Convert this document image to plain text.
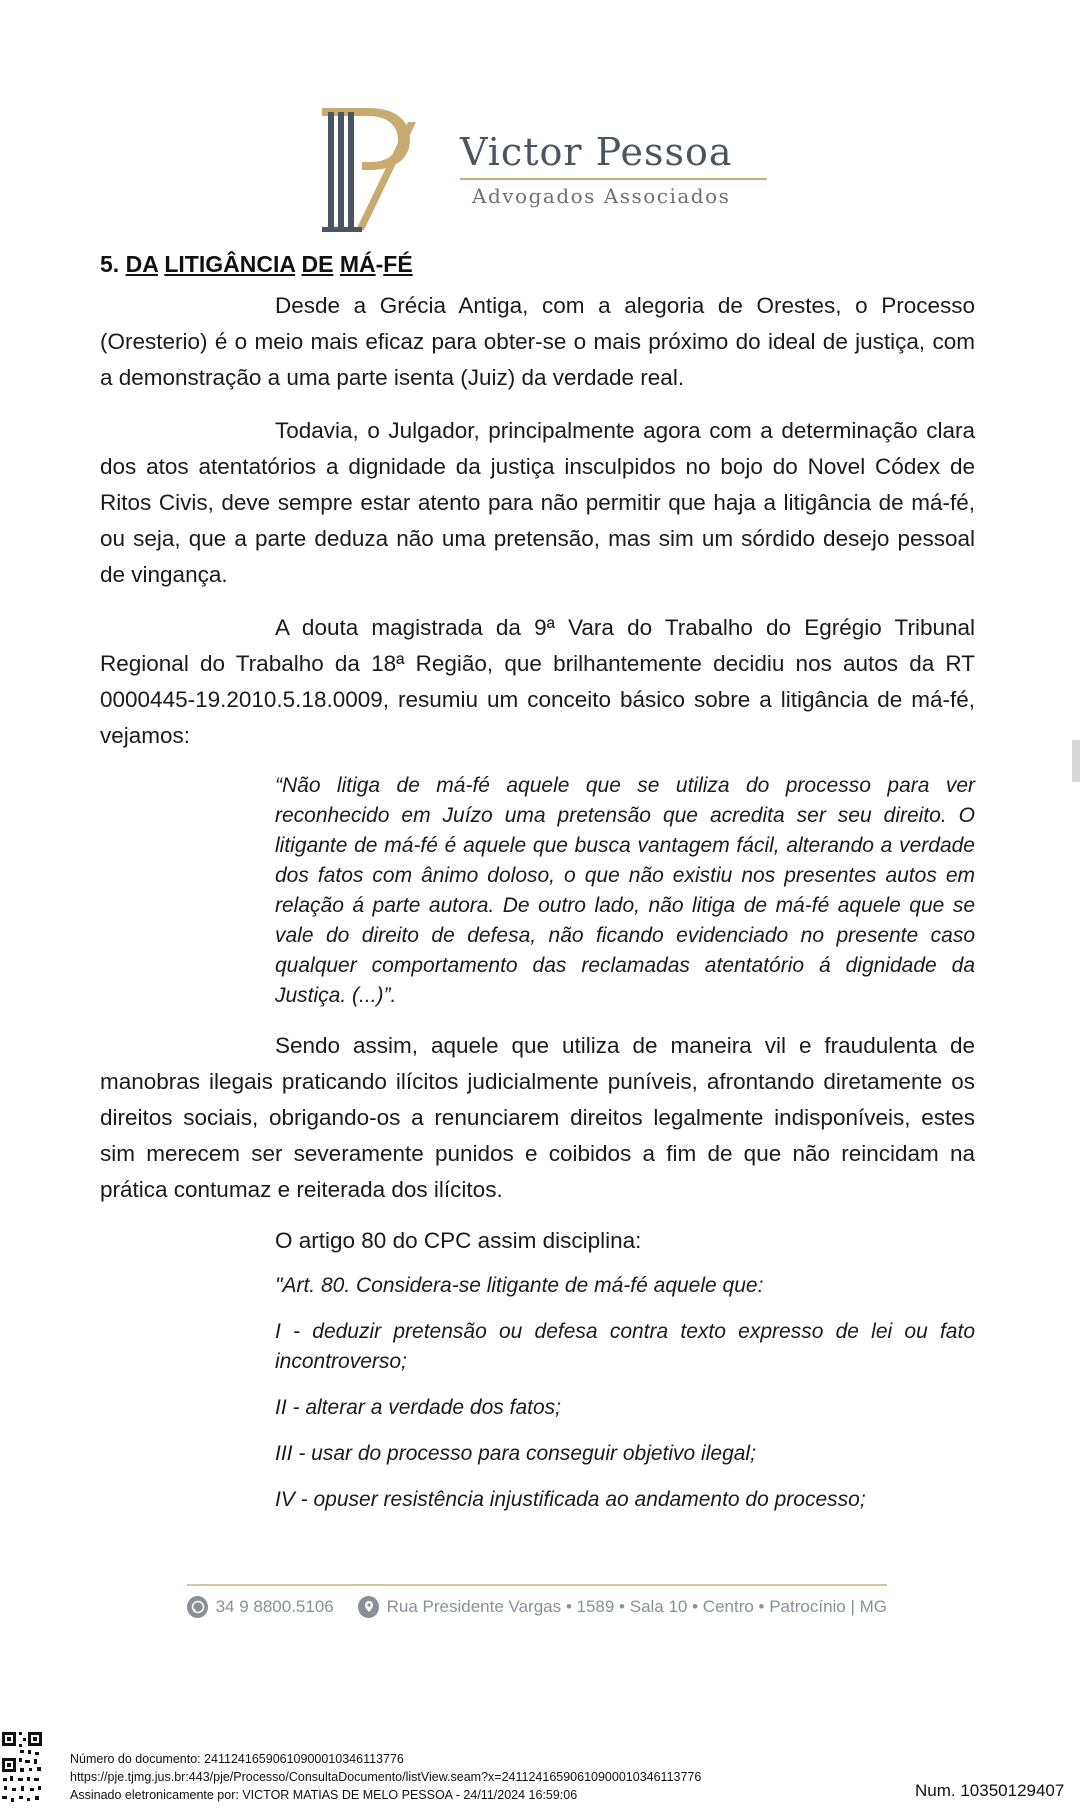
Victor Pessoa
Advogados Associados
5. DA LITIGÂNCIA DE MÁ-FÉ

Desde a Grécia Antiga, com a alegoria de Orestes, o Processo (Oresterio) é o meio mais eficaz para obter-se o mais próximo do ideal de justiça, com a demonstração a uma parte isenta (Juiz) da verdade real.

Todavia, o Julgador, principalmente agora com a determinação clara dos atos atentatórios a dignidade da justiça insculpidos no bojo do Novel Códex de Ritos Civis, deve sempre estar atento para não permitir que haja a litigância de má-fé, ou seja, que a parte deduza não uma pretensão, mas sim um sórdido desejo pessoal de vingança.

A douta magistrada da 9ª Vara do Trabalho do Egrégio Tribunal Regional do Trabalho da 18ª Região, que brilhantemente decidiu nos autos da RT 0000445-19.2010.5.18.0009, resumiu um conceito básico sobre a litigância de má-fé, vejamos:

“Não litiga de má-fé aquele que se utiliza do processo para ver reconhecido em Juízo uma pretensão que acredita ser seu direito. O litigante de má-fé é aquele que busca vantagem fácil, alterando a verdade dos fatos com ânimo doloso, o que não existiu nos presentes autos em relação á parte autora. De outro lado, não litiga de má-fé aquele que se vale do direito de defesa, não ficando evidenciado no presente caso qualquer comportamento das reclamadas atentatório á dignidade da Justiça. (...)”.

Sendo assim, aquele que utiliza de maneira vil e fraudulenta de manobras ilegais praticando ilícitos judicialmente puníveis, afrontando diretamente os direitos sociais, obrigando-os a renunciarem direitos legalmente indisponíveis, estes sim merecem ser severamente punidos e coibidos a fim de que não reincidam na prática contumaz e reiterada dos ilícitos.

O artigo 80 do CPC assim disciplina:

"Art. 80. Considera-se litigante de má-fé aquele que:

I - deduzir pretensão ou defesa contra texto expresso de lei ou fato incontroverso;

II - alterar a verdade dos fatos;

III - usar do processo para conseguir objetivo ilegal;

IV - opuser resistência injustificada ao andamento do processo;

34 9 8800.5106	Rua Presidente Vargas • 1589 • Sala 10 • Centro • Patrocínio | MG
Número do documento: 24112416590610900010346113776
https://pje.tjmg.jus.br:443/pje/Processo/ConsultaDocumento/listView.seam?x=24112416590610900010346113776
Assinado eletronicamente por: VICTOR MATIAS DE MELO PESSOA - 24/11/2024 16:59:06	Num. 10350129407
